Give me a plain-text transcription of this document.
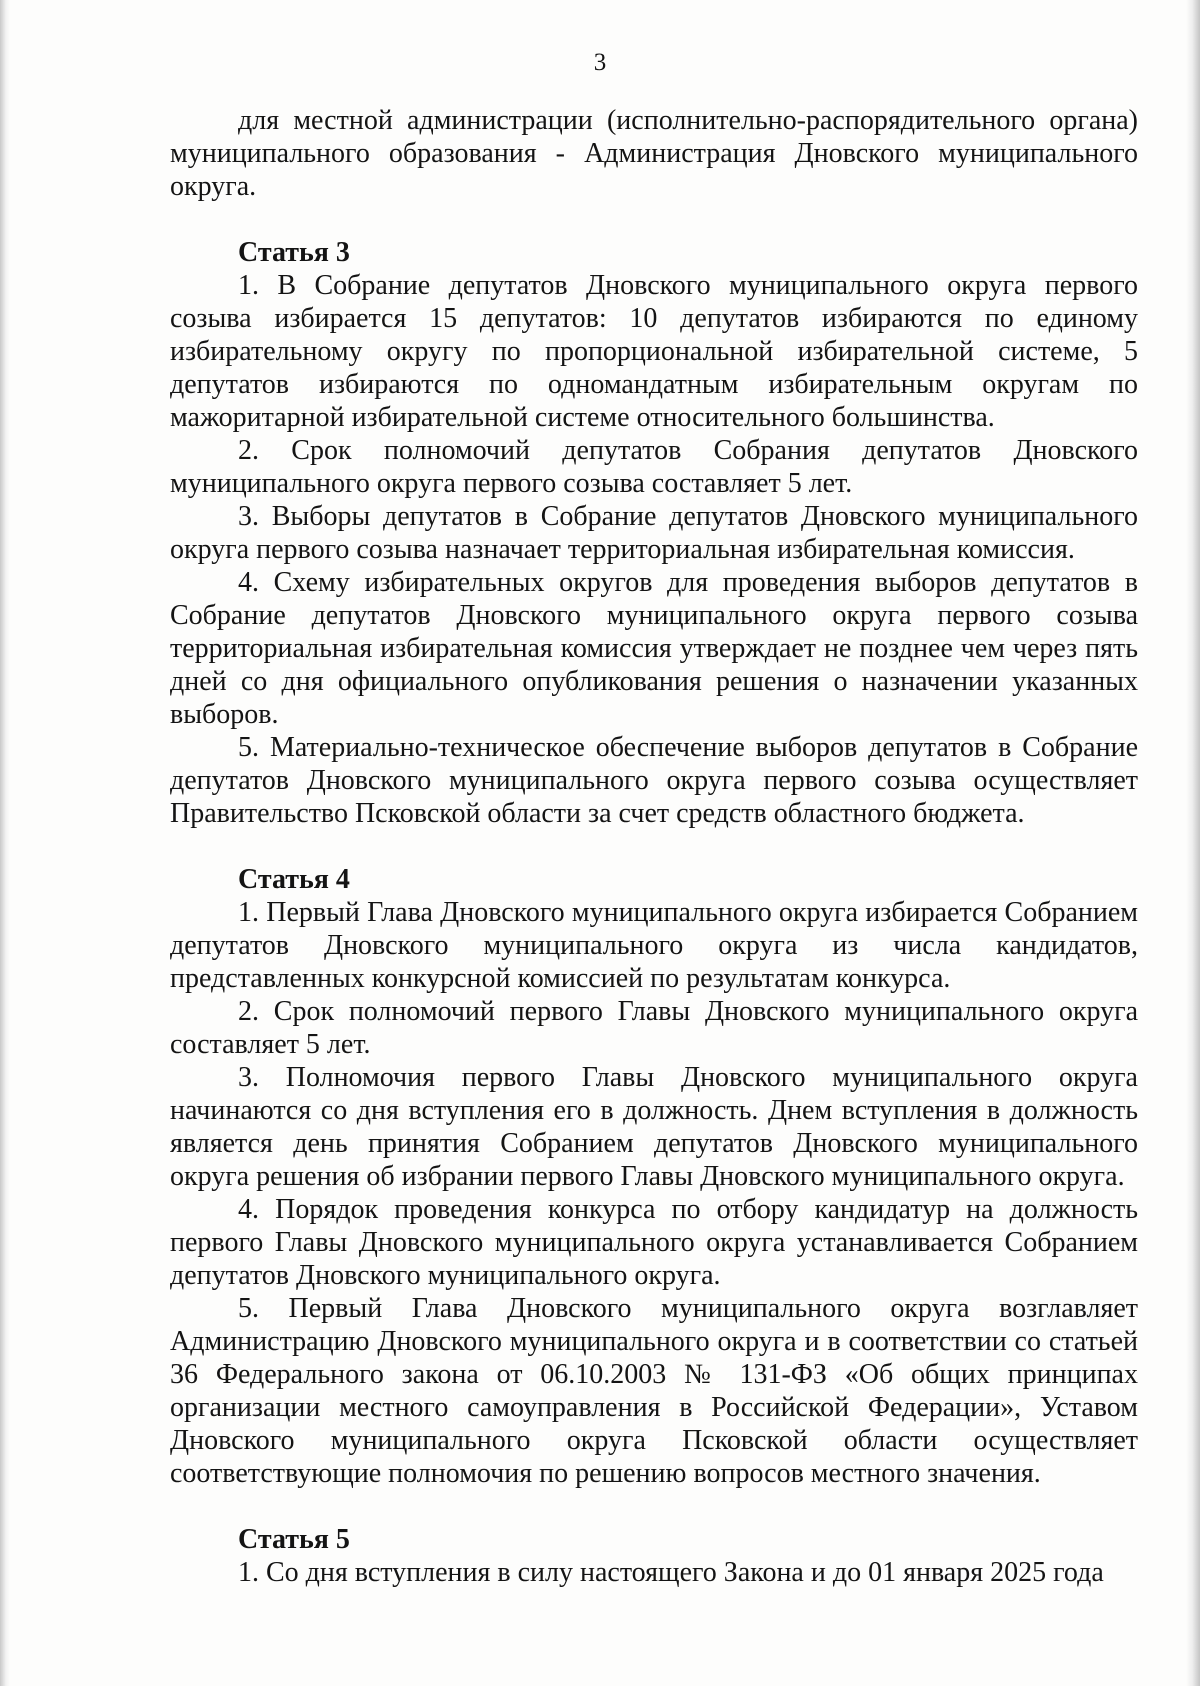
3

для местной администрации (исполнительно-распорядительного органа) муниципального образования - Администрация Дновского муниципального округа.

Статья 3

1. В Собрание депутатов Дновского муниципального округа первого созыва избирается 15 депутатов: 10 депутатов избираются по единому избирательному округу по пропорциональной избирательной системе, 5 депутатов избираются по одномандатным избирательным округам по мажоритарной избирательной системе относительного большинства.

2. Срок полномочий депутатов Собрания депутатов Дновского муниципального округа первого созыва составляет 5 лет.

3. Выборы депутатов в Собрание депутатов Дновского муниципального округа первого созыва назначает территориальная избирательная комиссия.

4. Схему избирательных округов для проведения выборов депутатов в Собрание депутатов Дновского муниципального округа первого созыва территориальная избирательная комиссия утверждает не позднее чем через пять дней со дня официального опубликования решения о назначении указанных выборов.

5. Материально-техническое обеспечение выборов депутатов в Собрание депутатов Дновского муниципального округа первого созыва осуществляет Правительство Псковской области за счет средств областного бюджета.

Статья 4

1. Первый Глава Дновского муниципального округа избирается Собранием депутатов Дновского муниципального округа из числа кандидатов, представленных конкурсной комиссией по результатам конкурса.

2. Срок полномочий первого Главы Дновского муниципального округа составляет 5 лет.

3. Полномочия первого Главы Дновского муниципального округа начинаются со дня вступления его в должность. Днем вступления в должность является день принятия Собранием депутатов Дновского муниципального округа решения об избрании первого Главы Дновского муниципального округа.

4. Порядок проведения конкурса по отбору кандидатур на должность первого Главы Дновского муниципального округа устанавливается Собранием депутатов Дновского муниципального округа.

5. Первый Глава Дновского муниципального округа возглавляет Администрацию Дновского муниципального округа и в соответствии со статьей 36 Федерального закона от 06.10.2003 № 131-ФЗ «Об общих принципах организации местного самоуправления в Российской Федерации», Уставом Дновского муниципального округа Псковской области осуществляет соответствующие полномочия по решению вопросов местного значения.

Статья 5

1. Со дня вступления в силу настоящего Закона и до 01 января 2025 года
